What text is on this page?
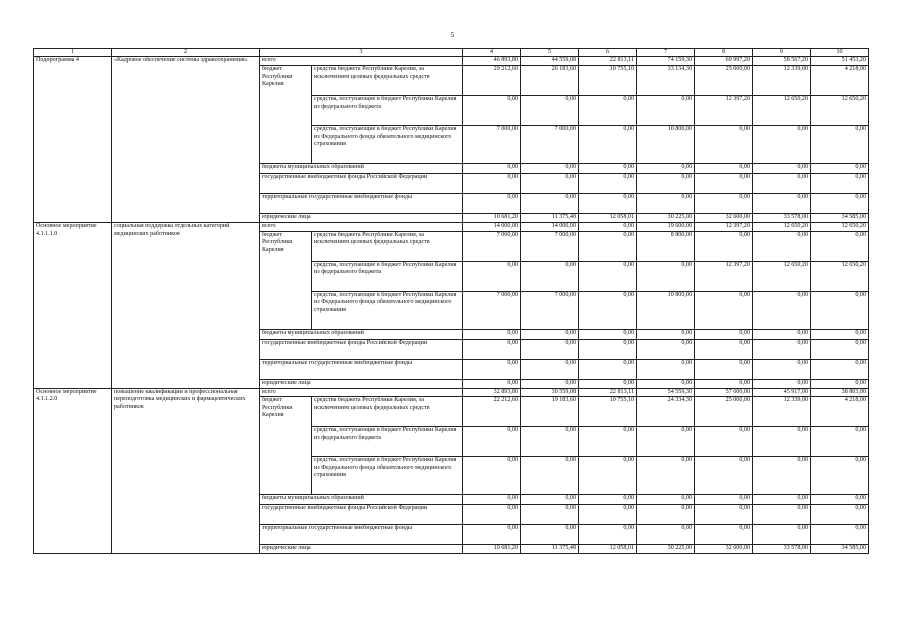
5
1	2	3		4	5	6	7	8	9	10
Подпрограмма 4	«Кадровое обеспечение системы здравоохранения»	всего		46 893,80	44 559,08	22 813,11	74 159,30	69 997,20	58 567,20	51 453,20
		бюджет Республики Карелия	средства бюджета Республики Карелия, за исключением целевых федеральных средств	29 212,60	26 183,60	10 755,10	33 134,30	25 000,00	12 339,00	4 218,00
			средства, поступающие в бюджет Республики Карелия из федерального бюджета	0,00	0,00	0,00	0,00	12 397,20	12 650,20	12 650,20
			средства, поступающие в бюджет Республики Карелия из Федерального фонда обязательного медицинского страхования	7 000,00	7 000,00	0,00	10 800,00	0,00	0,00	0,00
		бюджеты муниципальных образований		0,00	0,00	0,00	0,00	0,00	0,00	0,00
		государственные внебюджетные фонды Российской Федерации		0,00	0,00	0,00	0,00	0,00	0,00	0,00
		территориальные государственные внебюджетные фонды		0,00	0,00	0,00	0,00	0,00	0,00	0,00
		юридические лица		10 681,20	11 375,48	12 058,01	30 225,00	32 600,00	33 578,00	34 585,00
Основное мероприятие 4.1.1.1.0	социальная поддержка отдельных категорий медицинских работников	всего		14 000,00	14 000,00	0,00	19 600,00	12 397,20	12 650,20	12 650,20
		бюджет Республики Карелия	средства бюджета Республики Карелия, за исключением целевых федеральных средств	7 000,00	7 000,00	0,00	8 800,00	0,00	0,00	0,00
			средства, поступающие в бюджет Республики Карелия из федерального бюджета	0,00	0,00	0,00	0,00	12 397,20	12 650,20	12 650,20
			средства, поступающие в бюджет Республики Карелия из Федерального фонда обязательного медицинского страхования	7 000,00	7 000,00	0,00	10 800,00	0,00	0,00	0,00
		бюджеты муниципальных образований		0,00	0,00	0,00	0,00	0,00	0,00	0,00
		государственные внебюджетные фонды Российской Федерации		0,00	0,00	0,00	0,00	0,00	0,00	0,00
		территориальные государственные внебюджетные фонды		0,00	0,00	0,00	0,00	0,00	0,00	0,00
		юридические лица		0,00	0,00	0,00	0,00	0,00	0,00	0,00
Основное мероприятие 4.1.1.2.0	повышение квалификации и профессиональная переподготовка медицинских и фармацевтических работников	всего		32 893,80	30 559,08	22 813,11	54 559,30	57 600,00	45 917,00	38 803,00
		бюджет Республики Карелия	средства бюджета Республики Карелия, за исключением целевых федеральных средств	22 212,60	19 183,60	10 755,10	24 334,30	25 000,00	12 339,00	4 218,00
			средства, поступающие в бюджет Республики Карелия из федерального бюджета	0,00	0,00	0,00	0,00	0,00	0,00	0,00
			средства, поступающие в бюджет Республики Карелия из Федерального фонда обязательного медицинского страхования	0,00	0,00	0,00	0,00	0,00	0,00	0,00
		бюджеты муниципальных образований		0,00	0,00	0,00	0,00	0,00	0,00	0,00
		государственные внебюджетные фонды Российской Федерации		0,00	0,00	0,00	0,00	0,00	0,00	0,00
		территориальные государственные внебюджетные фонды		0,00	0,00	0,00	0,00	0,00	0,00	0,00
		юридические лица		10 681,20	11 375,48	12 058,01	30 225,00	32 600,00	33 578,00	34 585,00
